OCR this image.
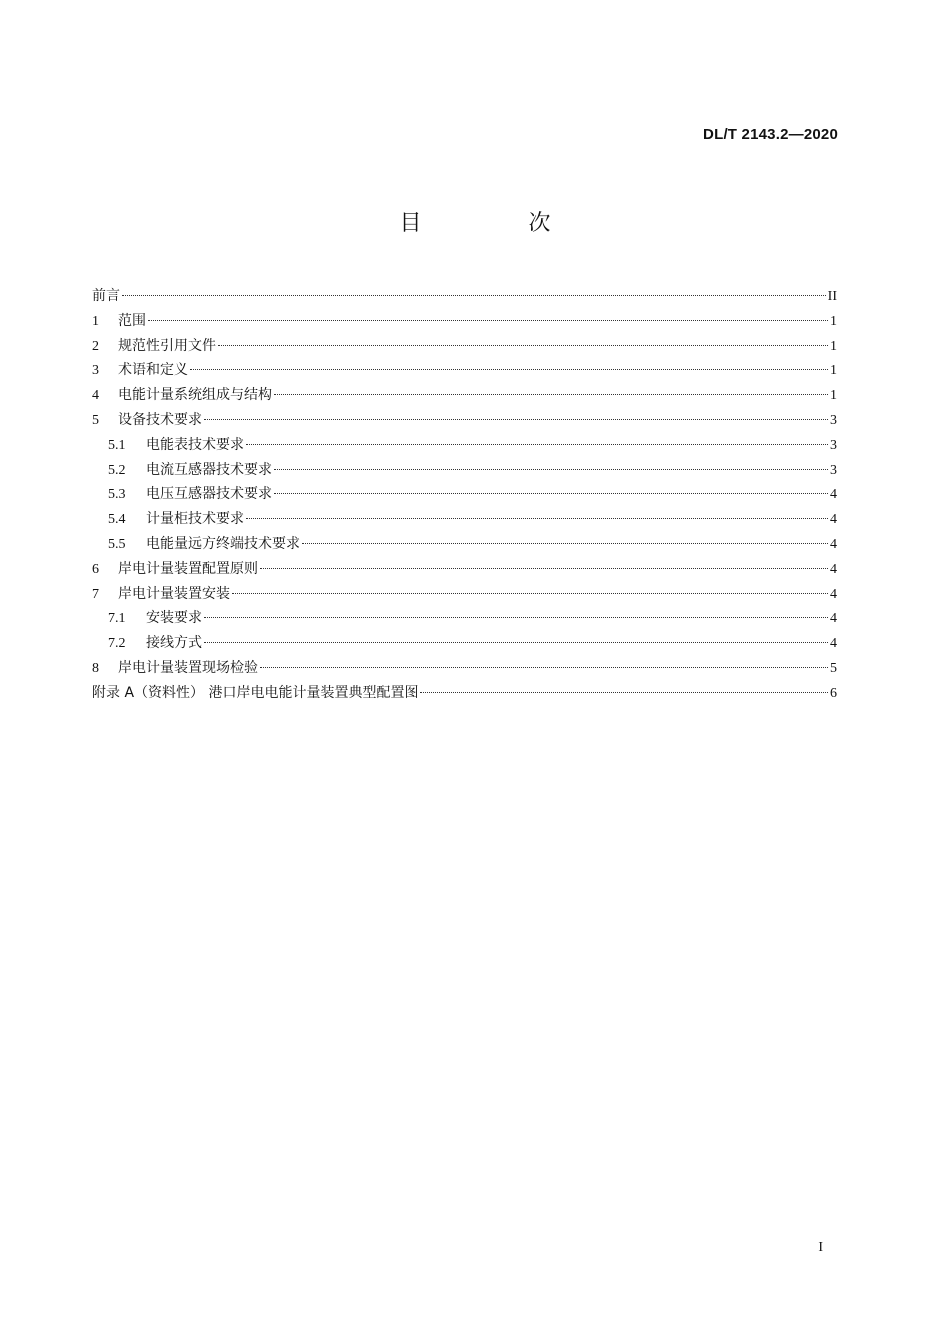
DL/T 2143.2—2020
目 次
前言	II
1	范围	1
2	规范性引用文件	1
3	术语和定义	1
4	电能计量系统组成与结构	1
5	设备技术要求	3
5.1	电能表技术要求	3
5.2	电流互感器技术要求	3
5.3	电压互感器技术要求	4
5.4	计量柜技术要求	4
5.5	电能量远方终端技术要求	4
6	岸电计量装置配置原则	4
7	岸电计量装置安装	4
7.1	安装要求	4
7.2	接线方式	4
8	岸电计量装置现场检验	5
附录 A（资料性） 港口岸电电能计量装置典型配置图	6
I
